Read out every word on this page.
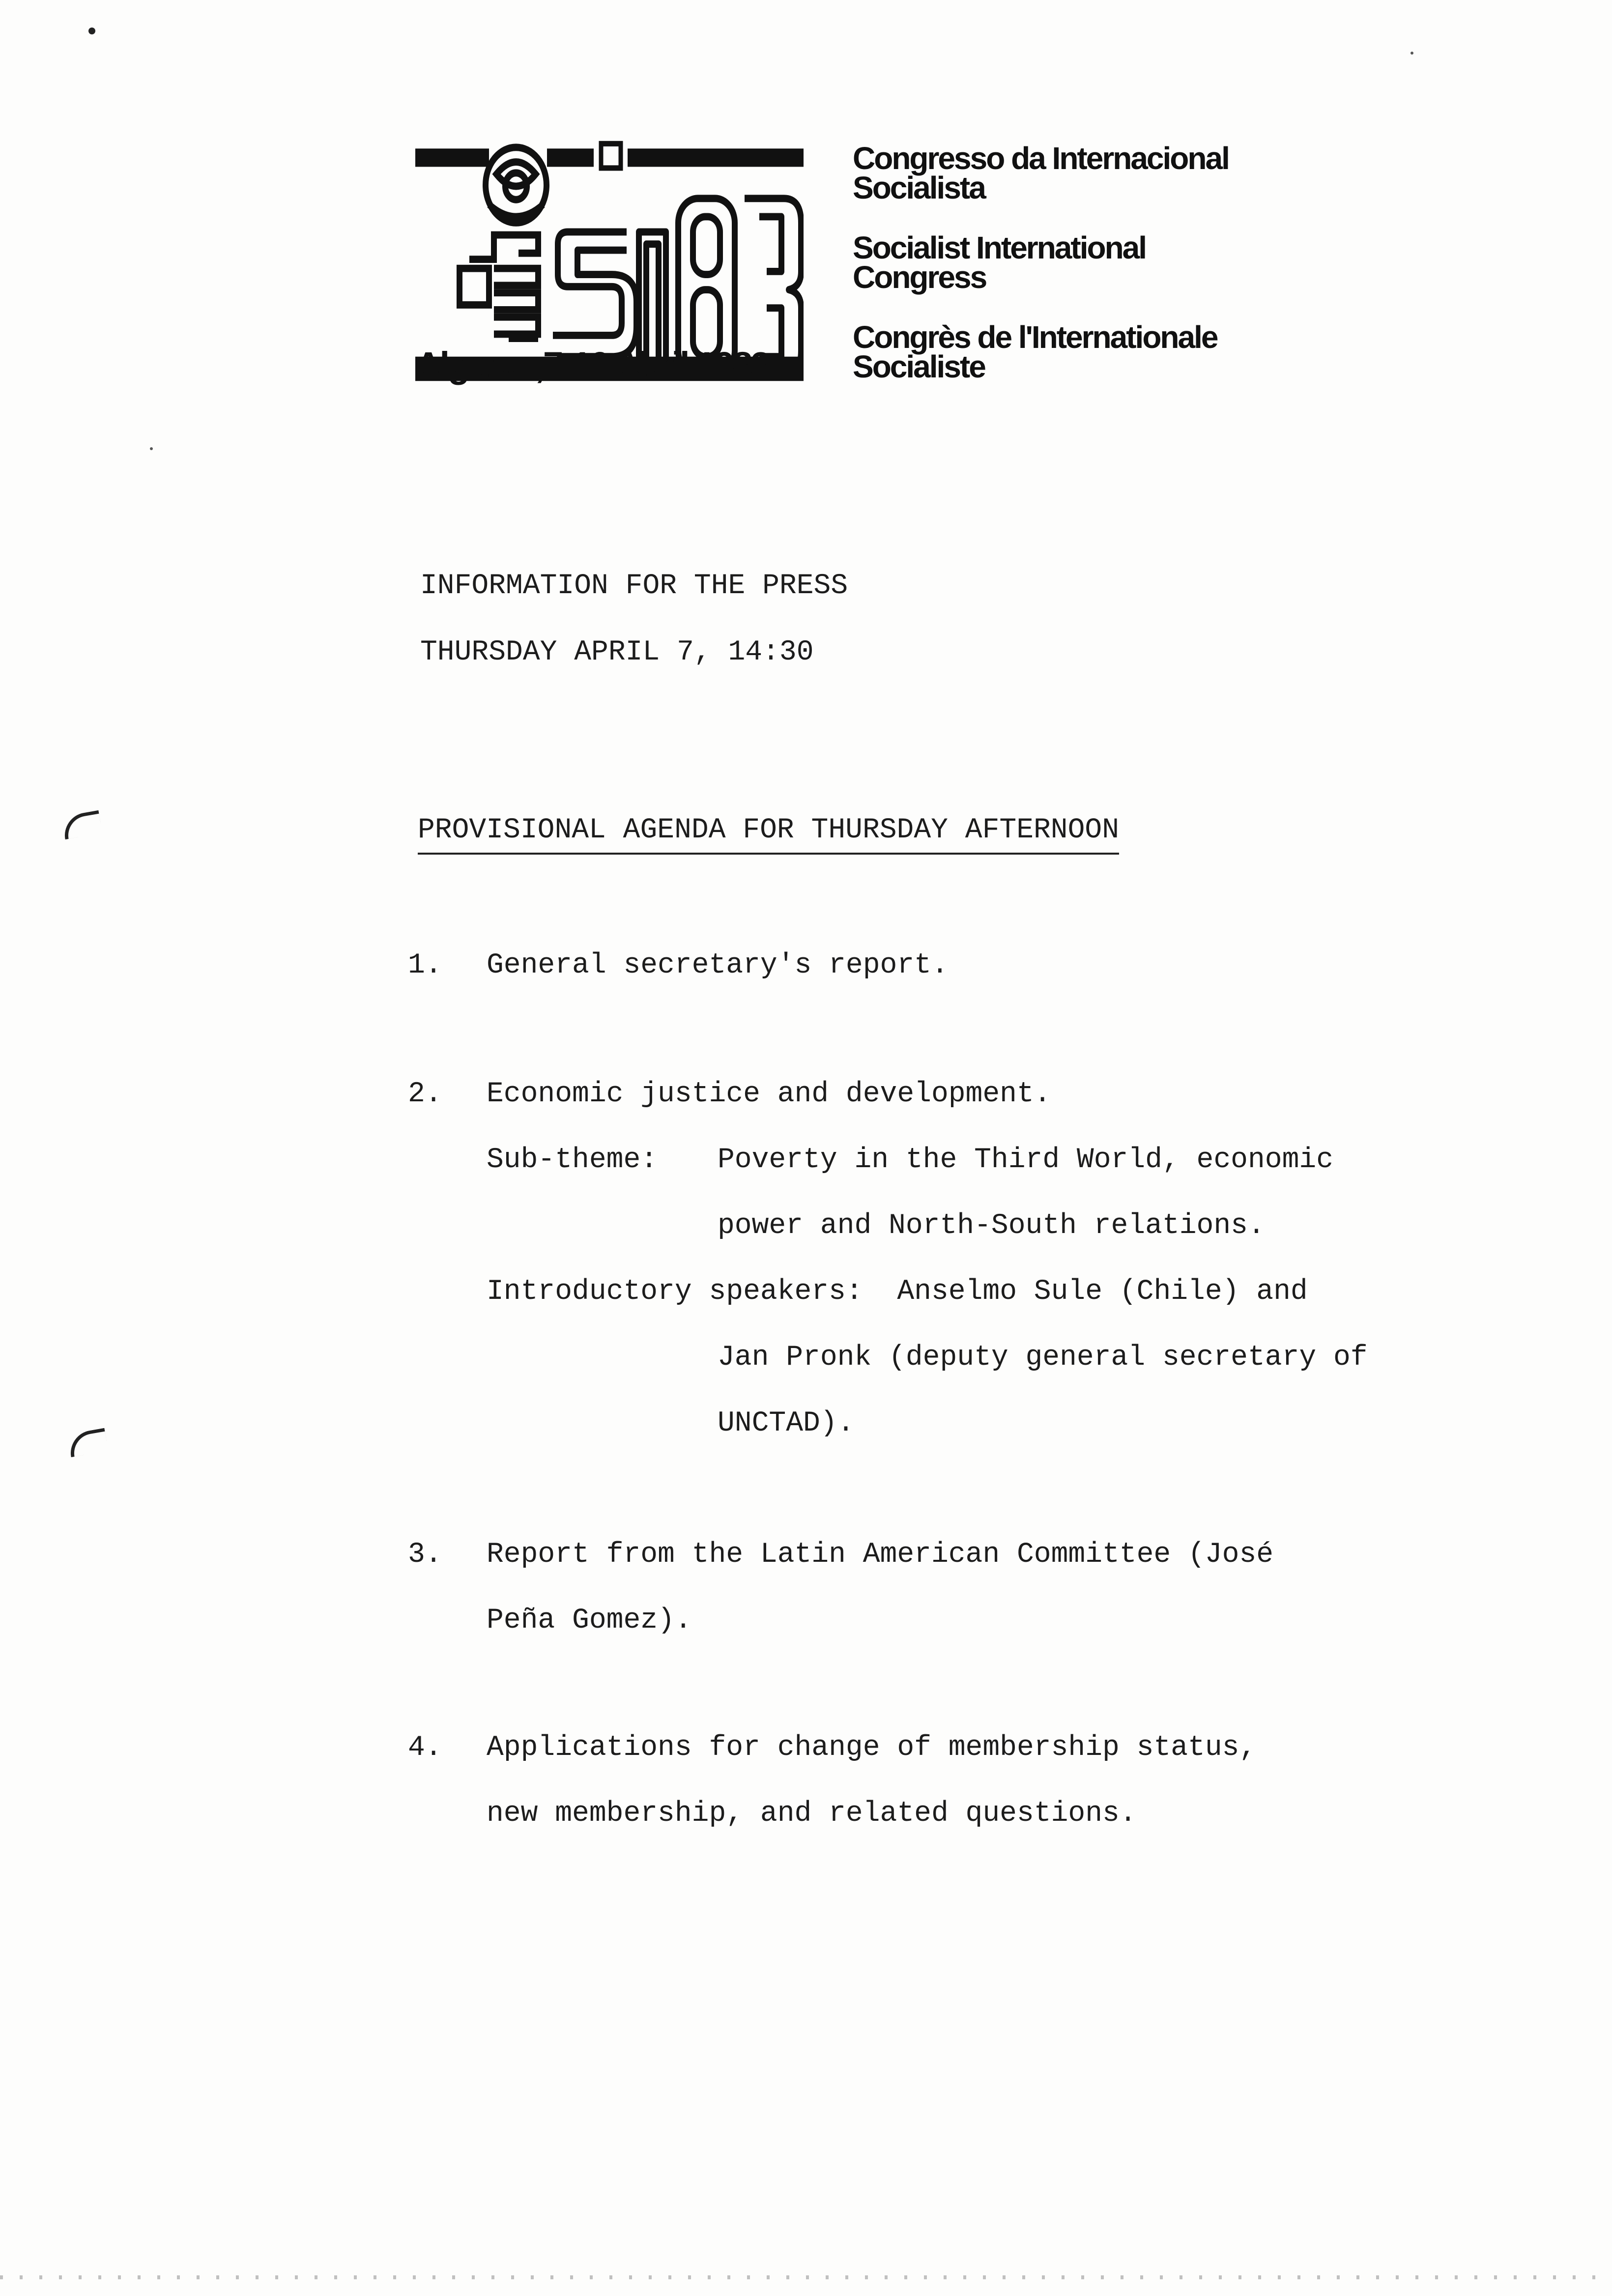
Algarve,7-10 Abril 1983
Congresso da Internacional
Socialista
Socialist International
Congress
Congrès de l'Internationale
Socialiste
INFORMATION FOR THE PRESS
THURSDAY APRIL 7, 14:30
PROVISIONAL AGENDA FOR THURSDAY AFTERNOON
1.	General secretary's report.
2.	Economic justice and development.
Sub-theme: Poverty in the Third World, economic
power and North-South relations.
Introductory speakers: Anselmo Sule (Chile) and
Jan Pronk (deputy general secretary of
UNCTAD).
3.	Report from the Latin American Committee (José
Peña Gomez).
4.	Applications for change of membership status,
new membership, and related questions.
